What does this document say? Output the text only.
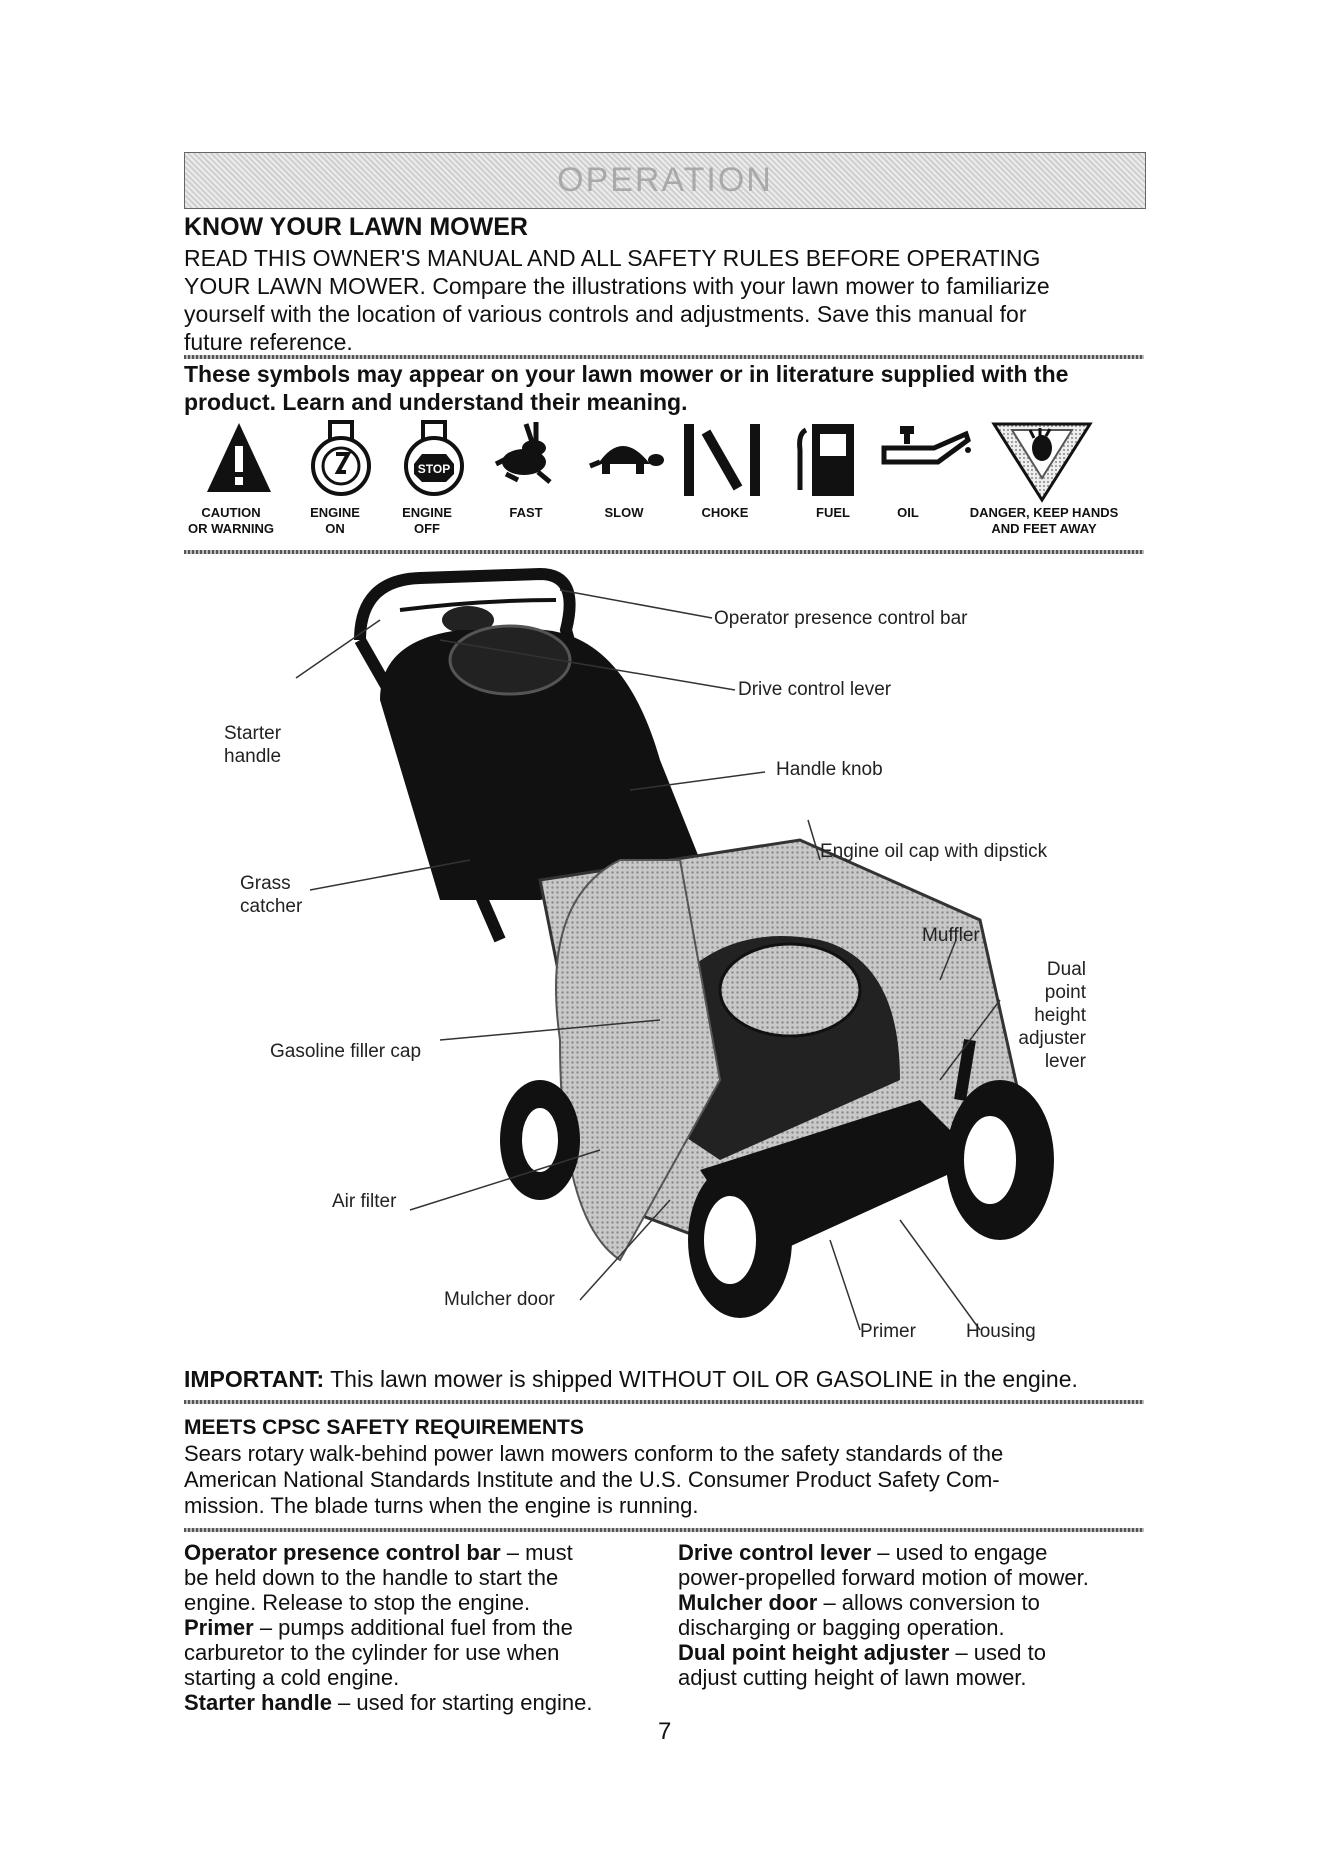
OPERATION
KNOW YOUR LAWN MOWER
READ THIS OWNER'S MANUAL AND ALL SAFETY RULES BEFORE OPERATING
YOUR LAWN MOWER. Compare the illustrations with your lawn mower to familiarize
yourself with the location of various controls and adjustments. Save this manual for
future reference.
These symbols may appear on your lawn mower or in literature supplied with the
product. Learn and understand their meaning.
STOP
CAUTION
OR WARNING
ENGINE
ON
ENGINE
OFF
FAST	SLOW	CHOKE	FUEL	OIL	DANGER, KEEP HANDS
AND FEET AWAY
Operator presence control bar
Drive control lever
Handle knob
Starter
handle
Engine oil cap with dipstick
Grass
catcher
Muffler
Dual
point
height
adjuster
lever
Gasoline filler cap
Air filter
Mulcher door
Primer	Housing
IMPORTANT: This lawn mower is shipped WITHOUT OIL OR GASOLINE in the engine.
MEETS CPSC SAFETY REQUIREMENTS
Sears rotary walk-behind power lawn mowers conform to the safety standards of the
American National Standards Institute and the U.S. Consumer Product Safety Com-
mission. The blade turns when the engine is running.
Operator presence control bar – must
be held down to the handle to start the
engine. Release to stop the engine.
Primer – pumps additional fuel from the
carburetor to the cylinder for use when
starting a cold engine.
Starter handle – used for starting engine.
Drive control lever – used to engage
power-propelled forward motion of mower.
Mulcher door – allows conversion to
discharging or bagging operation.
Dual point height adjuster – used to
adjust cutting height of lawn mower.
7
